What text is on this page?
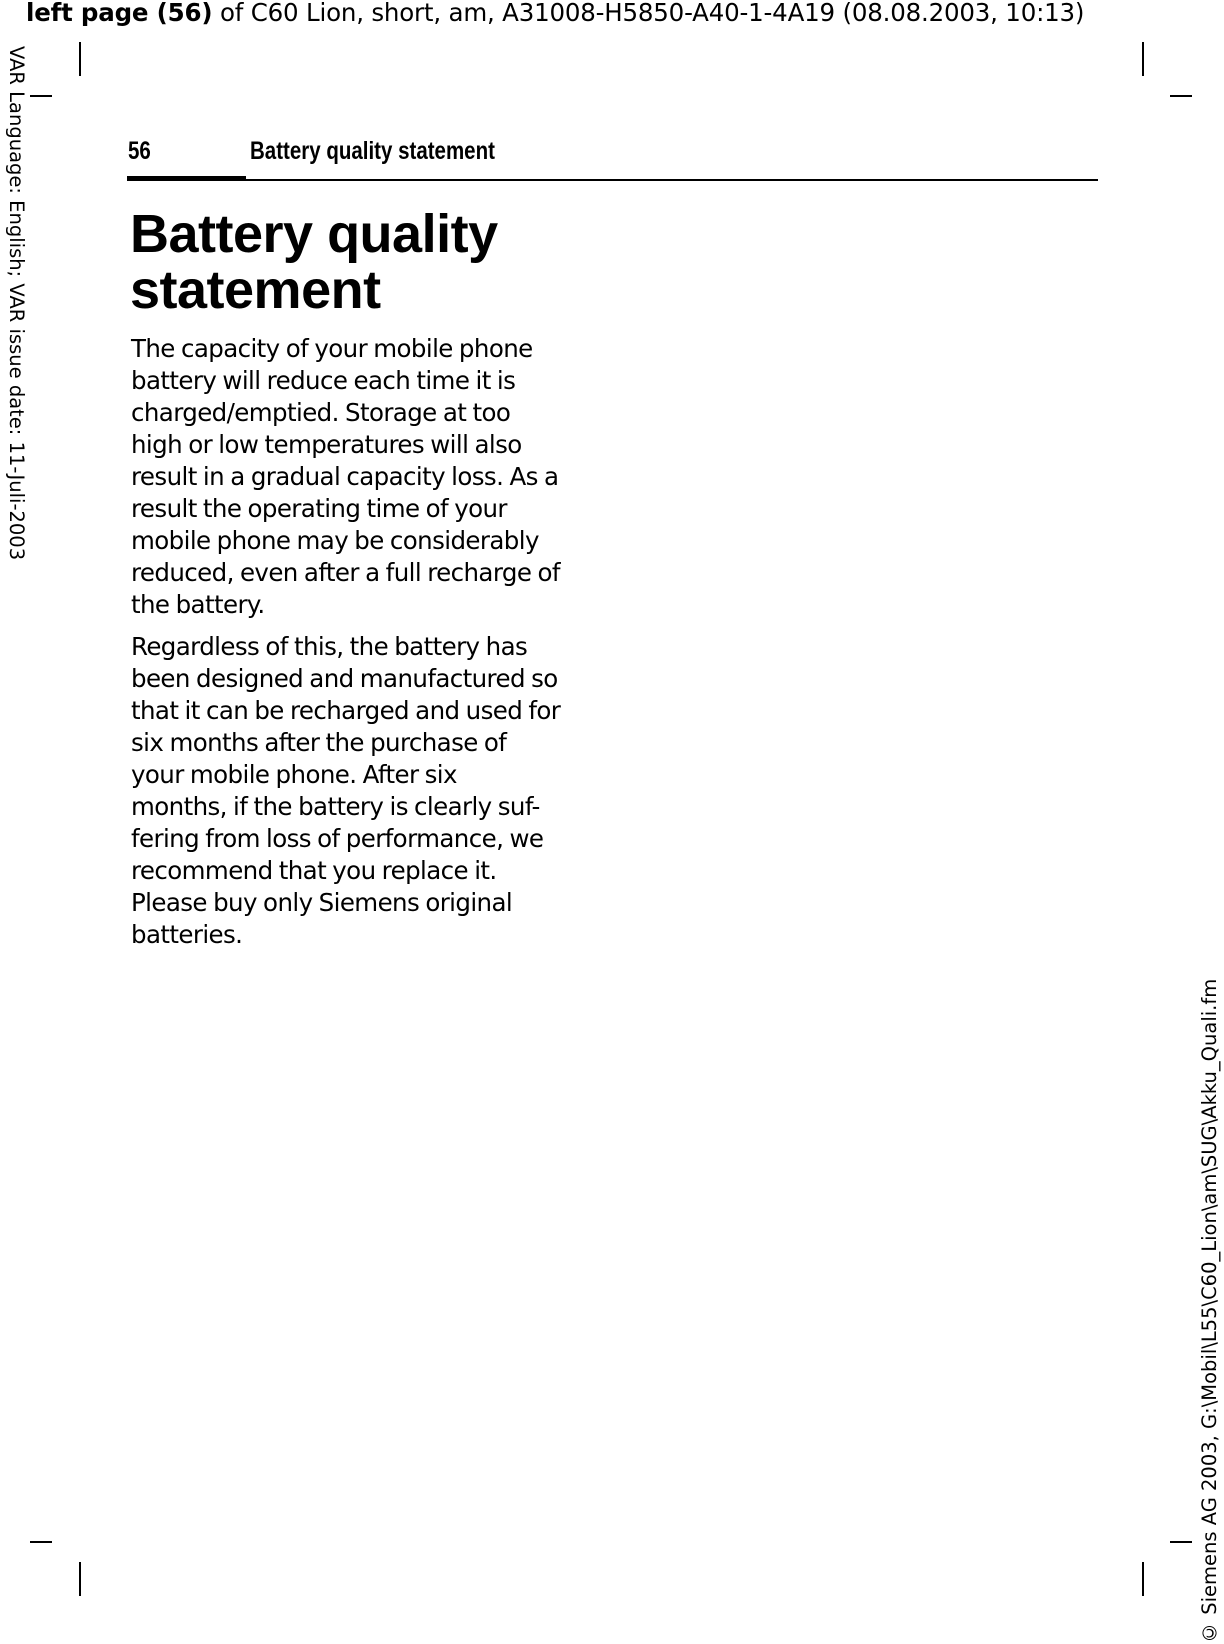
left page (56) of C60 Lion, short, am, A31008-H5850-A40-1-4A19 (08.08.2003, 10:13)
VAR Language: English; VAR issue date: 11-Juli-2003
© Siemens AG 2003, G:\Mobil\L55\C60_Lion\am\SUG\Akku_Quali.fm
56	Battery quality statement
Battery quality
statement

The capacity of your mobile phone
battery will reduce each time it is
charged/emptied. Storage at too
high or low temperatures will also
result in a gradual capacity loss. As a
result the operating time of your
mobile phone may be considerably
reduced, even after a full recharge of
the battery.

Regardless of this, the battery has
been designed and manufactured so
that it can be recharged and used for
six months after the purchase of
your mobile phone. After six
months, if the battery is clearly suf-
fering from loss of performance, we
recommend that you replace it.
Please buy only Siemens original
batteries.
